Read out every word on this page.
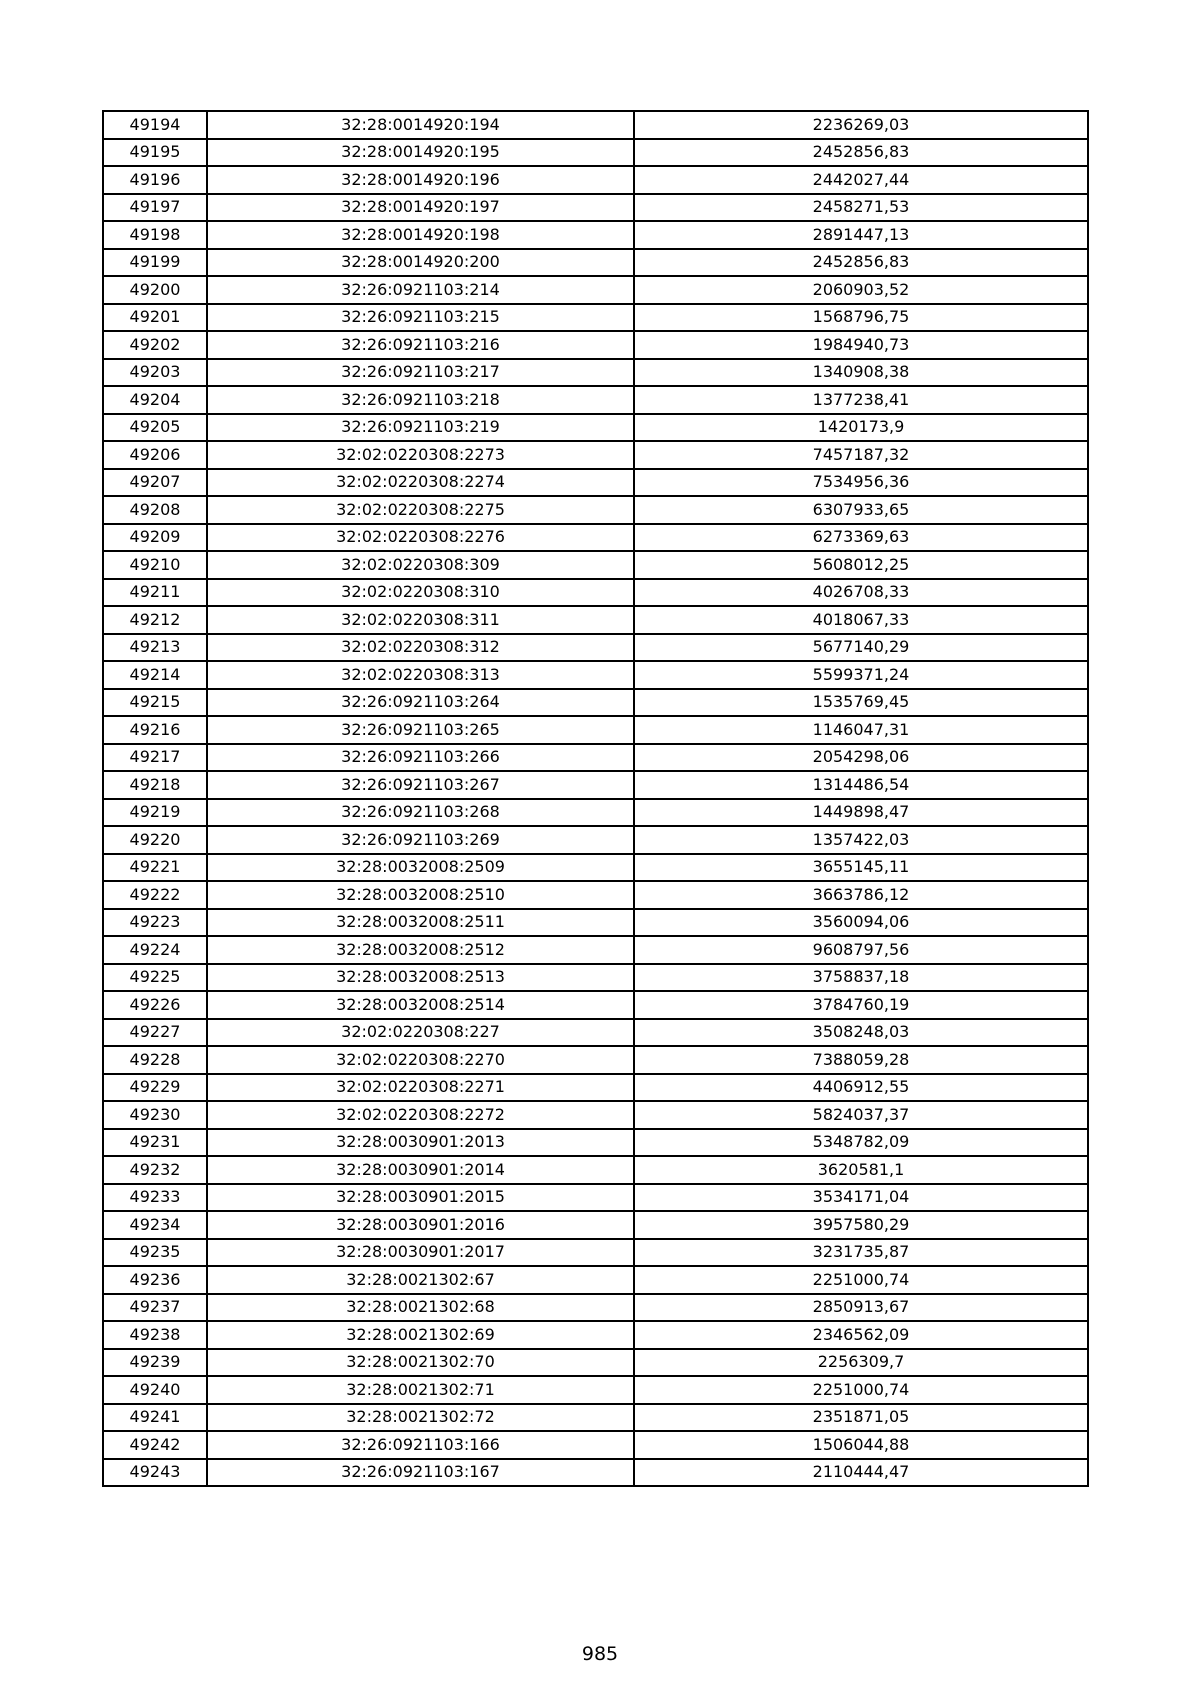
49194	32:28:0014920:194	2236269,03
49195	32:28:0014920:195	2452856,83
49196	32:28:0014920:196	2442027,44
49197	32:28:0014920:197	2458271,53
49198	32:28:0014920:198	2891447,13
49199	32:28:0014920:200	2452856,83
49200	32:26:0921103:214	2060903,52
49201	32:26:0921103:215	1568796,75
49202	32:26:0921103:216	1984940,73
49203	32:26:0921103:217	1340908,38
49204	32:26:0921103:218	1377238,41
49205	32:26:0921103:219	1420173,9
49206	32:02:0220308:2273	7457187,32
49207	32:02:0220308:2274	7534956,36
49208	32:02:0220308:2275	6307933,65
49209	32:02:0220308:2276	6273369,63
49210	32:02:0220308:309	5608012,25
49211	32:02:0220308:310	4026708,33
49212	32:02:0220308:311	4018067,33
49213	32:02:0220308:312	5677140,29
49214	32:02:0220308:313	5599371,24
49215	32:26:0921103:264	1535769,45
49216	32:26:0921103:265	1146047,31
49217	32:26:0921103:266	2054298,06
49218	32:26:0921103:267	1314486,54
49219	32:26:0921103:268	1449898,47
49220	32:26:0921103:269	1357422,03
49221	32:28:0032008:2509	3655145,11
49222	32:28:0032008:2510	3663786,12
49223	32:28:0032008:2511	3560094,06
49224	32:28:0032008:2512	9608797,56
49225	32:28:0032008:2513	3758837,18
49226	32:28:0032008:2514	3784760,19
49227	32:02:0220308:227	3508248,03
49228	32:02:0220308:2270	7388059,28
49229	32:02:0220308:2271	4406912,55
49230	32:02:0220308:2272	5824037,37
49231	32:28:0030901:2013	5348782,09
49232	32:28:0030901:2014	3620581,1
49233	32:28:0030901:2015	3534171,04
49234	32:28:0030901:2016	3957580,29
49235	32:28:0030901:2017	3231735,87
49236	32:28:0021302:67	2251000,74
49237	32:28:0021302:68	2850913,67
49238	32:28:0021302:69	2346562,09
49239	32:28:0021302:70	2256309,7
49240	32:28:0021302:71	2251000,74
49241	32:28:0021302:72	2351871,05
49242	32:26:0921103:166	1506044,88
49243	32:26:0921103:167	2110444,47
985
